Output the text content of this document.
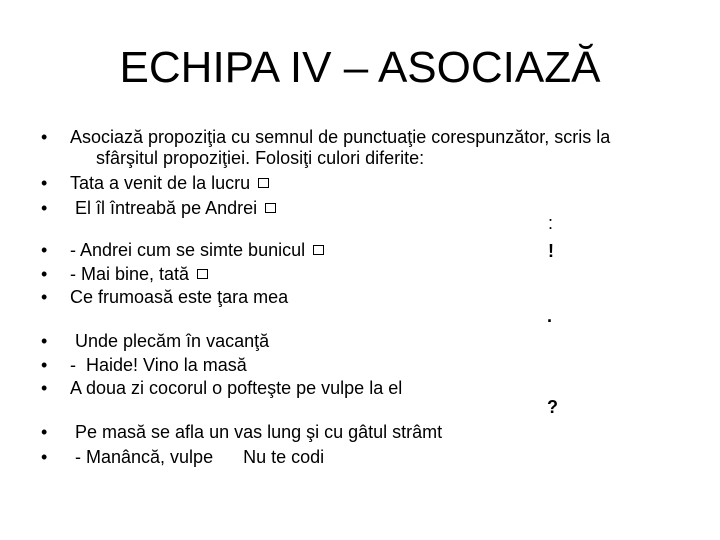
ECHIPA IV – ASOCIAZĂ
• Asociază propoziţia cu semnul de punctuaţie corespunzător, scris la
sfârşitul propoziţiei. Folosiţi culori diferite:
• Tata a venit de la lucru
• El îl întreabă pe Andrei
• - Andrei cum se simte bunicul
• - Mai bine, tată
• Ce frumoasă este ţara mea
• Unde plecăm în vacanţă
• -  Haide! Vino la masă
• A doua zi cocorul o pofteşte pe vulpe la el
• Pe masă se afla un vas lung şi cu gâtul strâmt
• - Manâncă, vulpe      Nu te codi
:
!
.
?
